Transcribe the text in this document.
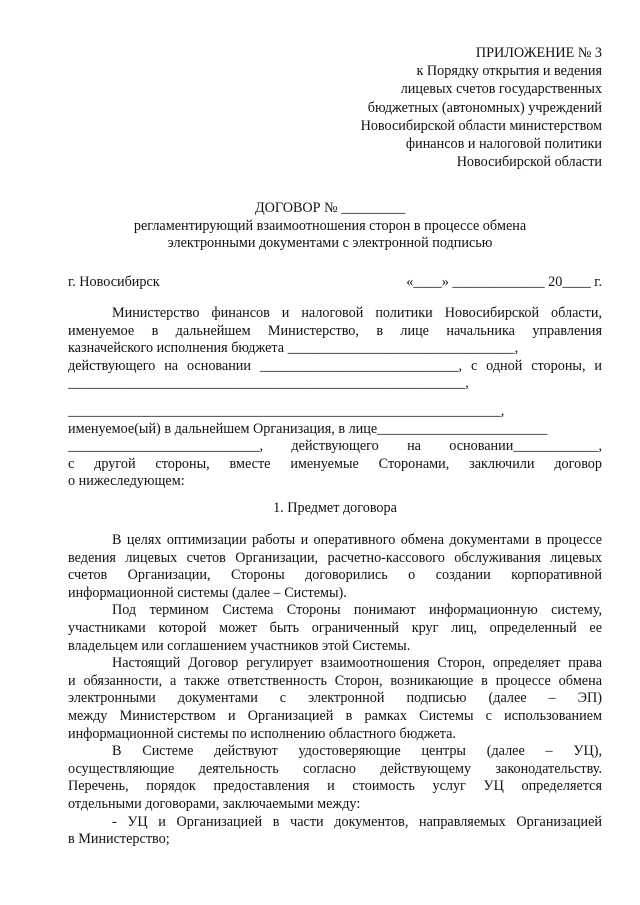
ПРИЛОЖЕНИЕ № 3
к Порядку открытия и ведения
лицевых счетов государственных
бюджетных (автономных) учреждений
Новосибирской области министерством
финансов и налоговой политики
Новосибирской области
ДОГОВОР № _________
регламентирующий взаимоотношения сторон в процессе обмена
электронными документами с электронной подписью
г. Новосибирск	«____» _____________ 20____ г.
Министерство финансов и налоговой политики Новосибирской области,
именуемое в дальнейшем Министерство, в лице начальника управления
казначейского исполнения бюджета ________________________________,
действующего на основании ____________________________, с одной стороны, и
________________________________________________________,
_____________________________________________________________,
именуемое(ый) в дальнейшем Организация, в лице________________________
___________________________, действующего на основании____________,
с другой стороны, вместе именуемые Сторонами, заключили договор
о нижеследующем:
1. Предмет договора
В целях оптимизации работы и оперативного обмена документами в процессе
ведения лицевых счетов Организации, расчетно-кассового обслуживания лицевых
счетов Организации, Стороны договорились о создании корпоративной
информационной системы (далее – Системы).
Под термином Система Стороны понимают информационную систему,
участниками которой может быть ограниченный круг лиц, определенный ее
владельцем или соглашением участников этой Системы.
Настоящий Договор регулирует взаимоотношения Сторон, определяет права
и обязанности, а также ответственность Сторон, возникающие в процессе обмена
электронными документами с электронной подписью (далее – ЭП)
между Министерством и Организацией в рамках Системы с использованием
информационной системы по исполнению областного бюджета.
В Системе действуют удостоверяющие центры (далее – УЦ),
осуществляющие деятельность согласно действующему законодательству.
Перечень, порядок предоставления и стоимость услуг УЦ определяется
отдельными договорами, заключаемыми между:
- УЦ и Организацией в части документов, направляемых Организацией
в Министерство;
